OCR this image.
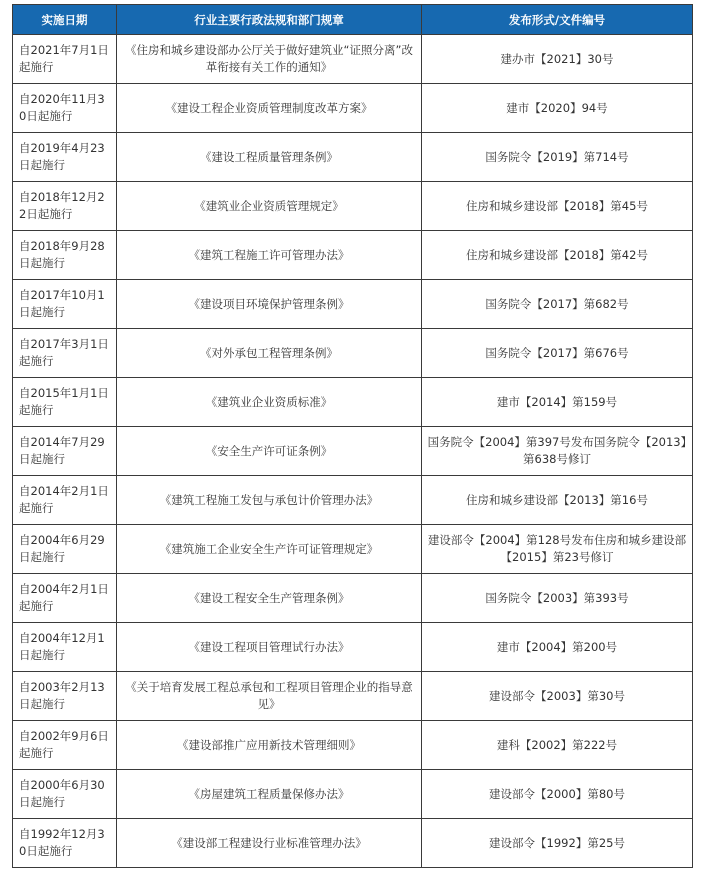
实施日期	行业主要行政法规和部门规章	发布形式/文件编号
自2021年7月1日起施行	《住房和城乡建设部办公厅关于做好建筑业“证照分离”改革衔接有关工作的通知》	建办市【2021】30号
自2020年11月30日起施行	《建设工程企业资质管理制度改革方案》	建市【2020】94号
自2019年4月23日起施行	《建设工程质量管理条例》	国务院令【2019】第714号
自2018年12月22日起施行	《建筑业企业资质管理规定》	住房和城乡建设部【2018】第45号
自2018年9月28日起施行	《建筑工程施工许可管理办法》	住房和城乡建设部【2018】第42号
自2017年10月1日起施行	《建设项目环境保护管理条例》	国务院令【2017】第682号
自2017年3月1日起施行	《对外承包工程管理条例》	国务院令【2017】第676号
自2015年1月1日起施行	《建筑业企业资质标准》	建市【2014】第159号
自2014年7月29日起施行	《安全生产许可证条例》	国务院令【2004】第397号发布国务院令【2013】第638号修订
自2014年2月1日起施行	《建筑工程施工发包与承包计价管理办法》	住房和城乡建设部【2013】第16号
自2004年6月29日起施行	《建筑施工企业安全生产许可证管理规定》	建设部令【2004】第128号发布住房和城乡建设部【2015】第23号修订
自2004年2月1日起施行	《建设工程安全生产管理条例》	国务院令【2003】第393号
自2004年12月1日起施行	《建设工程项目管理试行办法》	建市【2004】第200号
自2003年2月13日起施行	《关于培育发展工程总承包和工程项目管理企业的指导意见》	建设部令【2003】第30号
自2002年9月6日起施行	《建设部推广应用新技术管理细则》	建科【2002】第222号
自2000年6月30日起施行	《房屋建筑工程质量保修办法》	建设部令【2000】第80号
自1992年12月30日起施行	《建设部工程建设行业标准管理办法》	建设部令【1992】第25号
